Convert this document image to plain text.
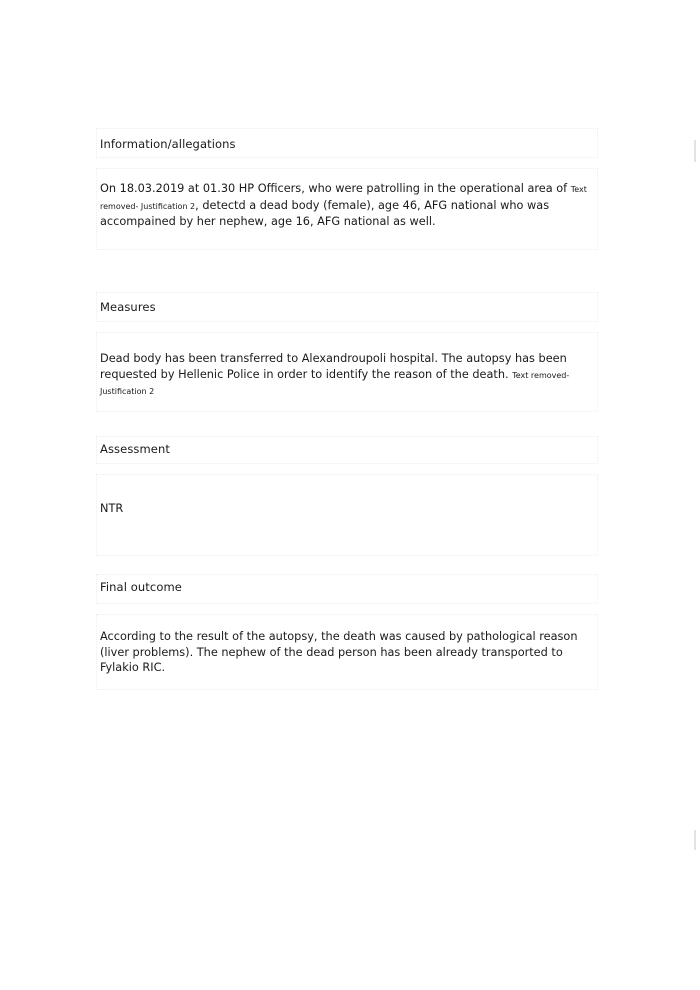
Information/allegations
On 18.03.2019 at 01.30 HP Officers, who were patrolling in the operational area of Text
removed- Justification 2, detectd a dead body (female), age 46, AFG national who was accompained by her nephew, age 16, AFG national as well.
Measures
Dead body has been transferred to Alexandroupoli hospital. The autopsy has been requested by Hellenic Police in order to identify the reason of the death. Text removed- Justification 2
Assessment
NTR
Final outcome
According to the result of the autopsy, the death was caused by pathological reason (liver problems). The nephew of the dead person has been already transported to Fylakio RIC.
